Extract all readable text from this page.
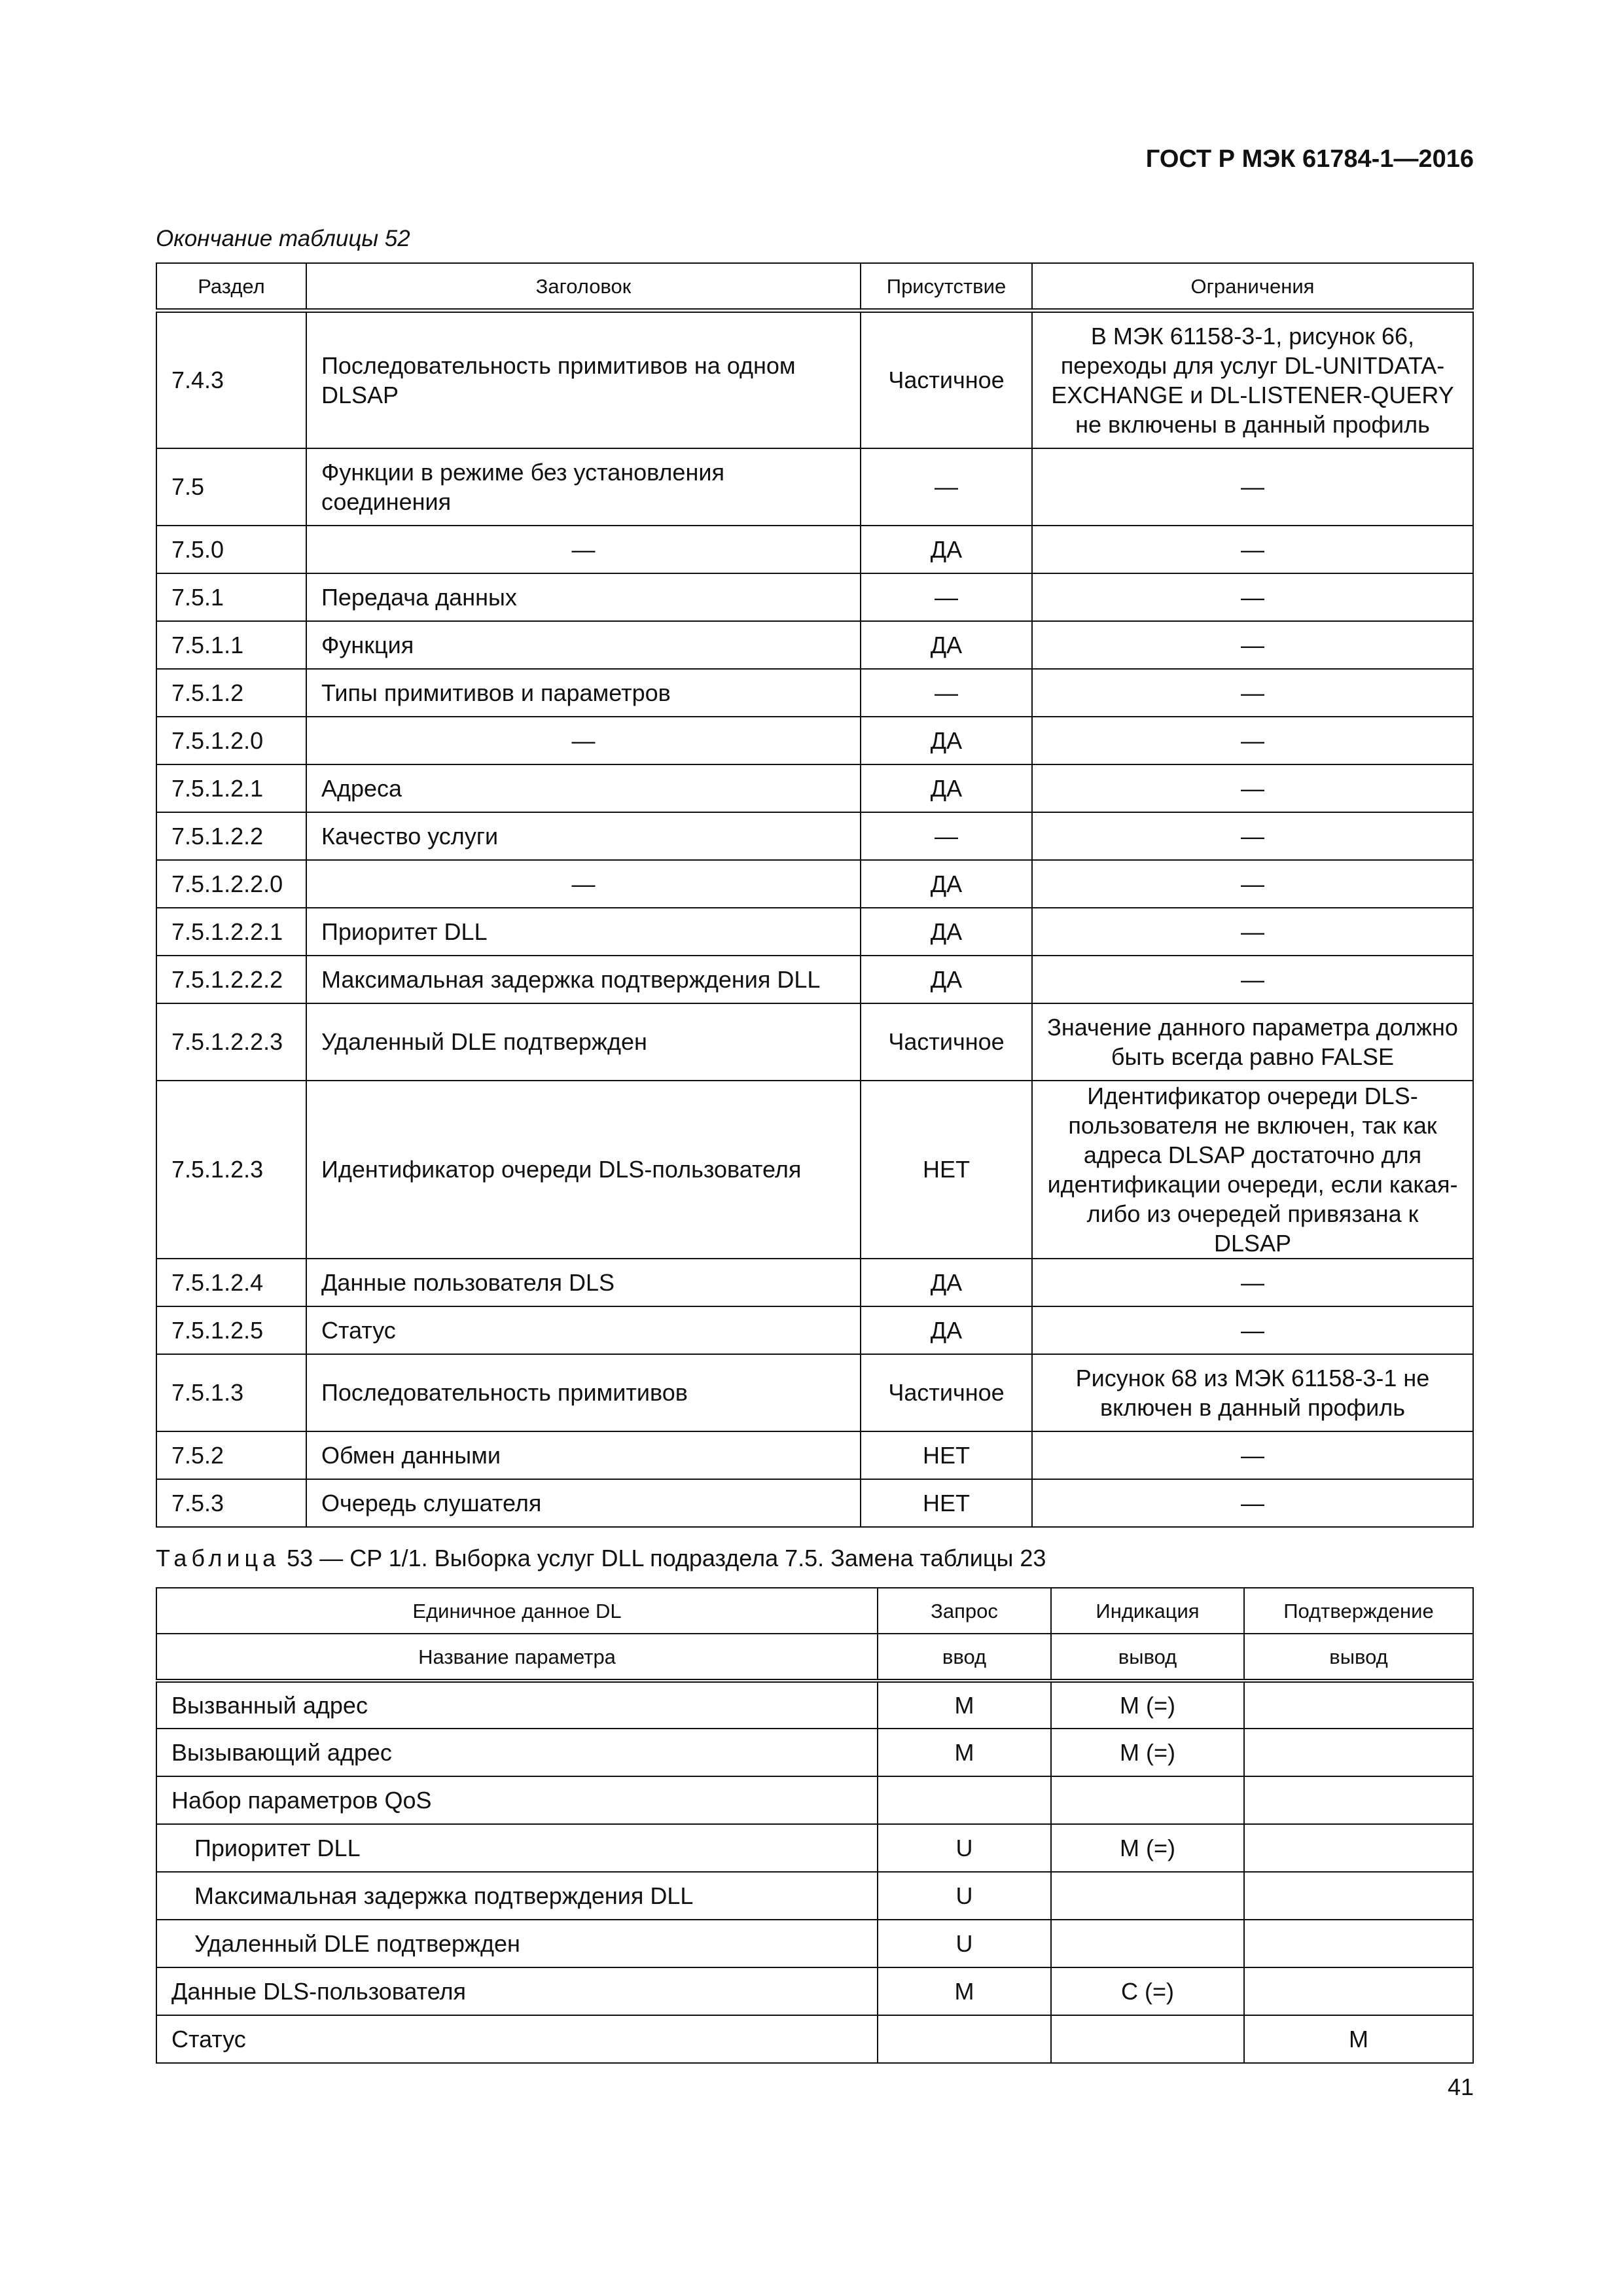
ГОСТ Р МЭК 61784-1—2016
Окончание таблицы 52
Раздел	Заголовок	Присутствие	Ограничения
7.4.3	Последовательность примитивов на одном DLSAP	Частичное	В МЭК 61158-3-1, рисунок 66, переходы для услуг DL-UNITDATA-EXCHANGE и DL-LISTENER-QUERY не включены в данный профиль
7.5	Функции в режиме без установления соединения	—	—
7.5.0	—	ДА	—
7.5.1	Передача данных	—	—
7.5.1.1	Функция	ДА	—
7.5.1.2	Типы примитивов и параметров	—	—
7.5.1.2.0	—	ДА	—
7.5.1.2.1	Адреса	ДА	—
7.5.1.2.2	Качество услуги	—	—
7.5.1.2.2.0	—	ДА	—
7.5.1.2.2.1	Приоритет DLL	ДА	—
7.5.1.2.2.2	Максимальная задержка подтверждения DLL	ДА	—
7.5.1.2.2.3	Удаленный DLE подтвержден	Частичное	Значение данного параметра должно быть всегда равно FALSE
7.5.1.2.3	Идентификатор очереди DLS-пользователя	НЕТ	Идентификатор очереди DLS-пользователя не включен, так как адреса DLSAP достаточно для идентификации очереди, если какая-либо из очередей привязана к DLSAP
7.5.1.2.4	Данные пользователя DLS	ДА	—
7.5.1.2.5	Статус	ДА	—
7.5.1.3	Последовательность примитивов	Частичное	Рисунок 68 из МЭК 61158-3-1 не включен в данный профиль
7.5.2	Обмен данными	НЕТ	—
7.5.3	Очередь слушателя	НЕТ	—
Таблица 53 — CP 1/1. Выборка услуг DLL подраздела 7.5. Замена таблицы 23
Единичное данное DL	Запрос	Индикация	Подтверждение
Название параметра	ввод	вывод	вывод
Вызванный адрес	M	M (=)	
Вызывающий адрес	M	M (=)	
Набор параметров QoS			
Приоритет DLL	U	M (=)	
Максимальная задержка подтверждения DLL	U		
Удаленный DLE подтвержден	U		
Данные DLS-пользователя	M	C (=)	
Статус			M
41
